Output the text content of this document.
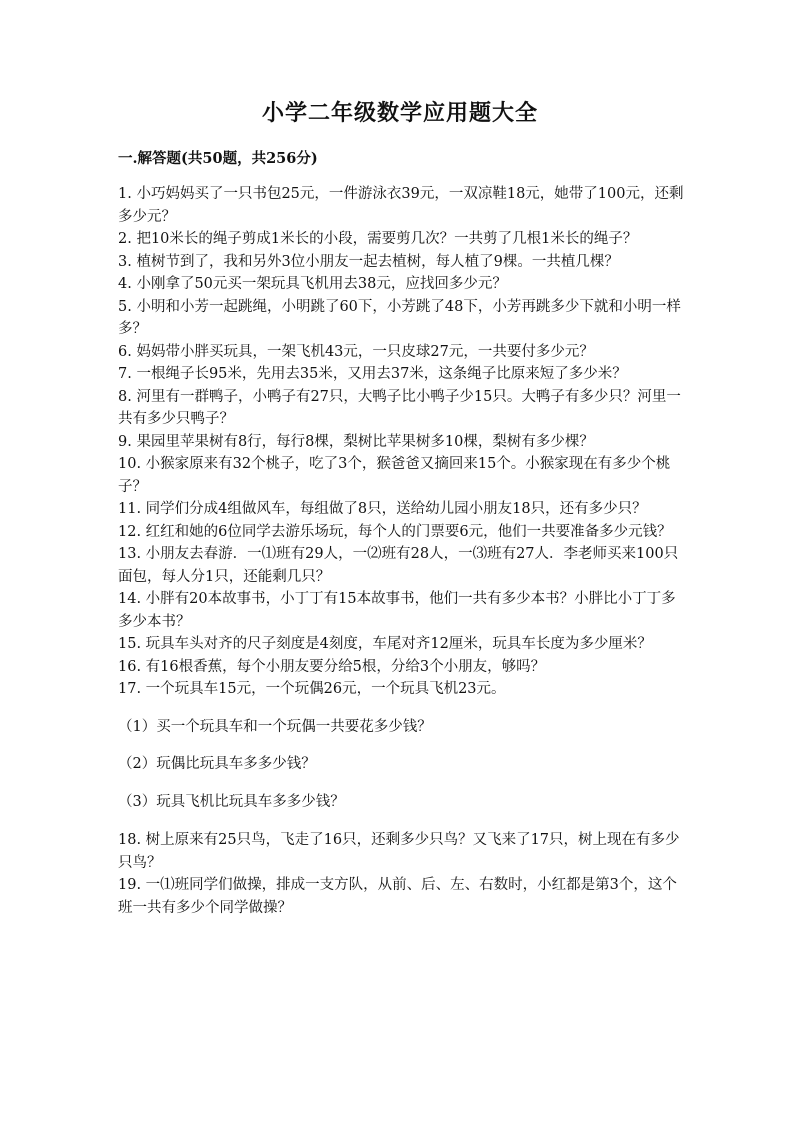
小学二年级数学应用题大全
一.解答题(共50题，共256分)

1. 小巧妈妈买了一只书包25元，一件游泳衣39元，一双凉鞋18元，她带了100元，还剩多少元？

2. 把10米长的绳子剪成1米长的小段，需要剪几次？一共剪了几根1米长的绳子？

3. 植树节到了，我和另外3位小朋友一起去植树，每人植了9棵。一共植几棵？

4. 小刚拿了50元买一架玩具飞机用去38元，应找回多少元？

5. 小明和小芳一起跳绳，小明跳了60下，小芳跳了48下，小芳再跳多少下就和小明一样多？

6. 妈妈带小胖买玩具，一架飞机43元，一只皮球27元，一共要付多少元？

7. 一根绳子长95米，先用去35米，又用去37米，这条绳子比原来短了多少米？

8. 河里有一群鸭子，小鸭子有27只，大鸭子比小鸭子少15只。大鸭子有多少只？河里一共有多少只鸭子？

9. 果园里苹果树有8行，每行8棵，梨树比苹果树多10棵，梨树有多少棵？

10. 小猴家原来有32个桃子，吃了3个，猴爸爸又摘回来15个。小猴家现在有多少个桃子？

11. 同学们分成4组做风车，每组做了8只，送给幼儿园小朋友18只，还有多少只？

12. 红红和她的6位同学去游乐场玩，每个人的门票要6元，他们一共要准备多少元钱？

13. 小朋友去春游．一⑴班有29人，一⑵班有28人，一⑶班有27人．李老师买来100只面包，每人分1只，还能剩几只？

14. 小胖有20本故事书，小丁丁有15本故事书，他们一共有多少本书？小胖比小丁丁多多少本书？

15. 玩具车头对齐的尺子刻度是4刻度，车尾对齐12厘米，玩具车长度为多少厘米？

16. 有16根香蕉，每个小朋友要分给5根，分给3个小朋友，够吗？

17. 一个玩具车15元，一个玩偶26元，一个玩具飞机23元。

（1）买一个玩具车和一个玩偶一共要花多少钱？

（2）玩偶比玩具车多多少钱？

（3）玩具飞机比玩具车多多少钱？

18. 树上原来有25只鸟，飞走了16只，还剩多少只鸟？又飞来了17只，树上现在有多少只鸟？

19. 一⑴班同学们做操，排成一支方队，从前、后、左、右数时，小红都是第3个，这个班一共有多少个同学做操？
